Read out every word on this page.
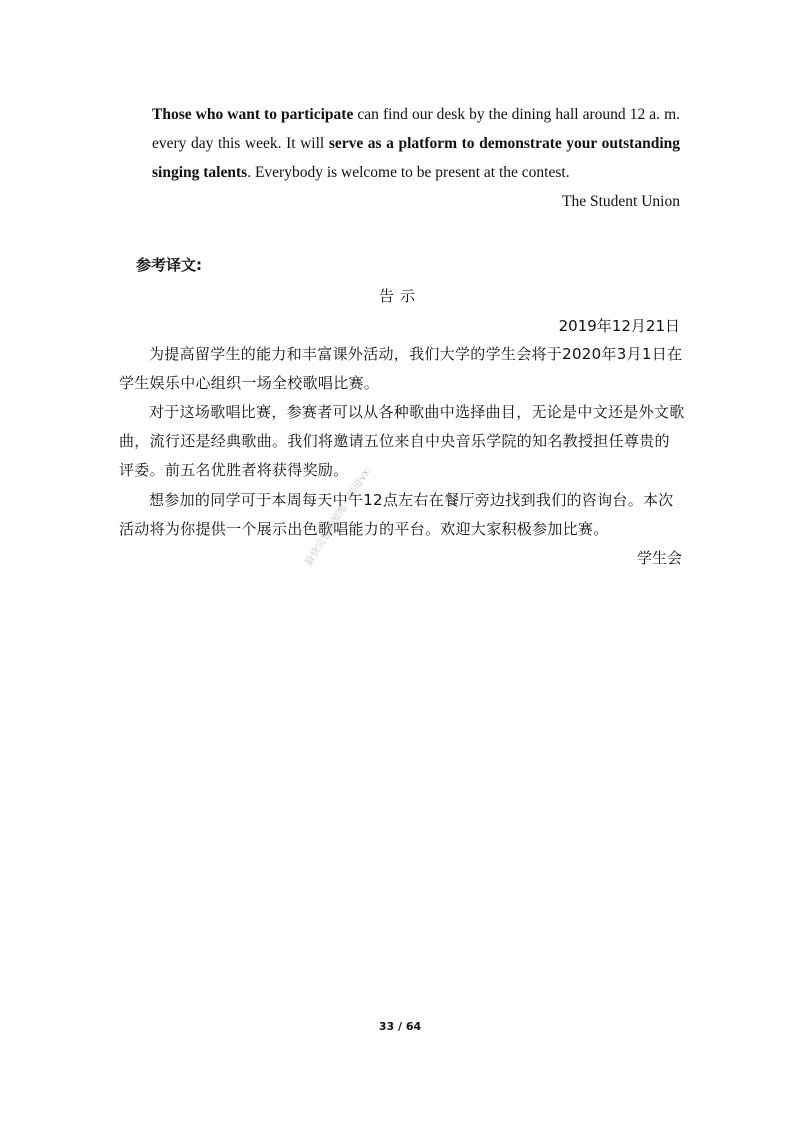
Those who want to participate can find our desk by the dining hall around 12 a. m. every day this week. It will serve as a platform to demonstrate your outstanding singing talents. Everybody is welcome to be present at the contest.
The Student Union
参考译文:
告示
2019年12月21日
为提高留学生的能力和丰富课外活动，我们大学的学生会将于2020年3月1日在学生娱乐中心组织一场全校歌唱比赛。
对于这场歌唱比赛，参赛者可以从各种歌曲中选择曲目，无论是中文还是外文歌曲，流行还是经典歌曲。我们将邀请五位来自中央音乐学院的知名教授担任尊贵的评委。前五名优胜者将获得奖励。
想参加的同学可于本周每天中午12点左右在餐厅旁边找到我们的咨询台。本次活动将为你提供一个展示出色歌唱能力的平台。欢迎大家积极参加比赛。
学生会
最快完整资源唯一渠道vx:
33 / 64
